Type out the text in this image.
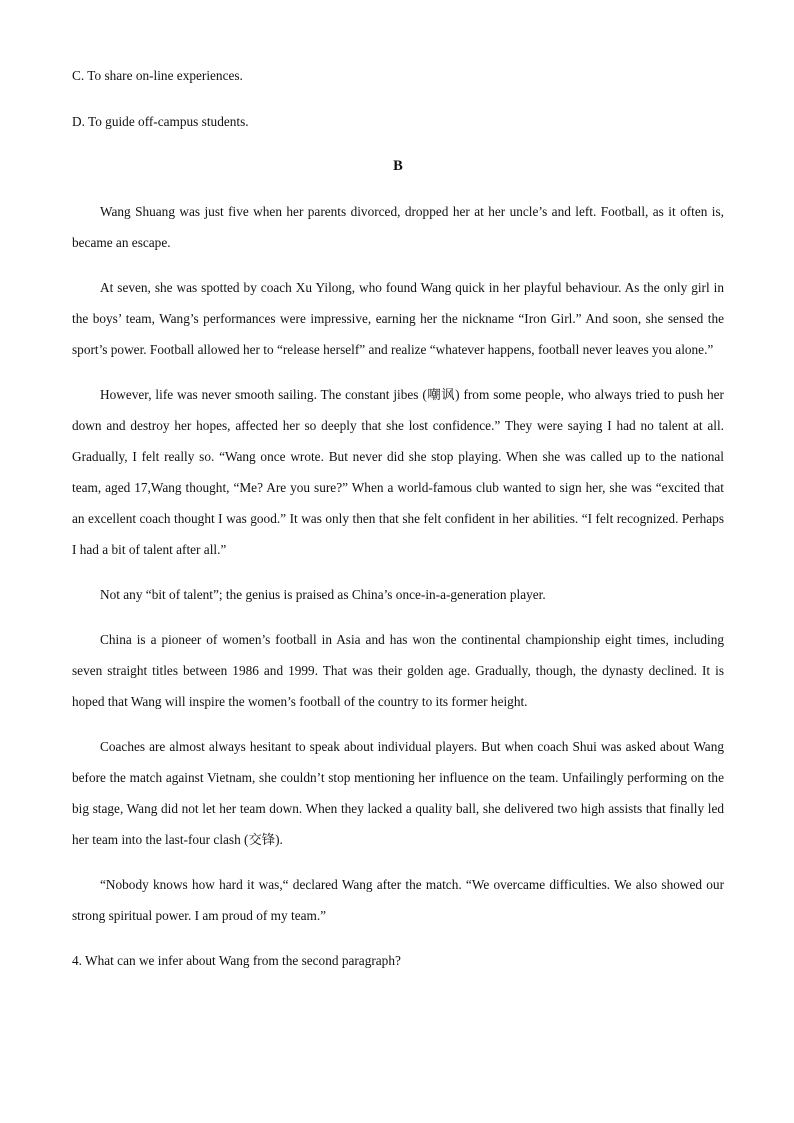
C. To share on-line experiences.

D. To guide off-campus students.

B

Wang Shuang was just five when her parents divorced, dropped her at her uncle’s and left. Football, as it often is, became an escape.

At seven, she was spotted by coach Xu Yilong, who found Wang quick in her playful behaviour. As the only girl in the boys’ team, Wang’s performances were impressive, earning her the nickname “Iron Girl.” And soon, she sensed the sport’s power. Football allowed her to “release herself” and realize “whatever happens, football never leaves you alone.”

However, life was never smooth sailing. The constant jibes (嘲讽) from some people, who always tried to push her down and destroy her hopes, affected her so deeply that she lost confidence.” They were saying I had no talent at all. Gradually, I felt really so. “Wang once wrote. But never did she stop playing. When she was called up to the national team, aged 17,Wang thought, “Me? Are you sure?” When a world-famous club wanted to sign her, she was “excited that an excellent coach thought I was good.” It was only then that she felt confident in her abilities. “I felt recognized. Perhaps I had a bit of talent after all.”

Not any “bit of talent”; the genius is praised as China’s once-in-a-generation player.

China is a pioneer of women’s football in Asia and has won the continental championship eight times, including seven straight titles between 1986 and 1999. That was their golden age. Gradually, though, the dynasty declined. It is hoped that Wang will inspire the women’s football of the country to its former height.

Coaches are almost always hesitant to speak about individual players. But when coach Shui was asked about Wang before the match against Vietnam, she couldn’t stop mentioning her influence on the team. Unfailingly performing on the big stage, Wang did not let her team down. When they lacked a quality ball, she delivered two high assists that finally led her team into the last-four clash (交锋).

“Nobody knows how hard it was,“ declared Wang after the match. “We overcame difficulties. We also showed our strong spiritual power. I am proud of my team.”

4. What can we infer about Wang from the second paragraph?
